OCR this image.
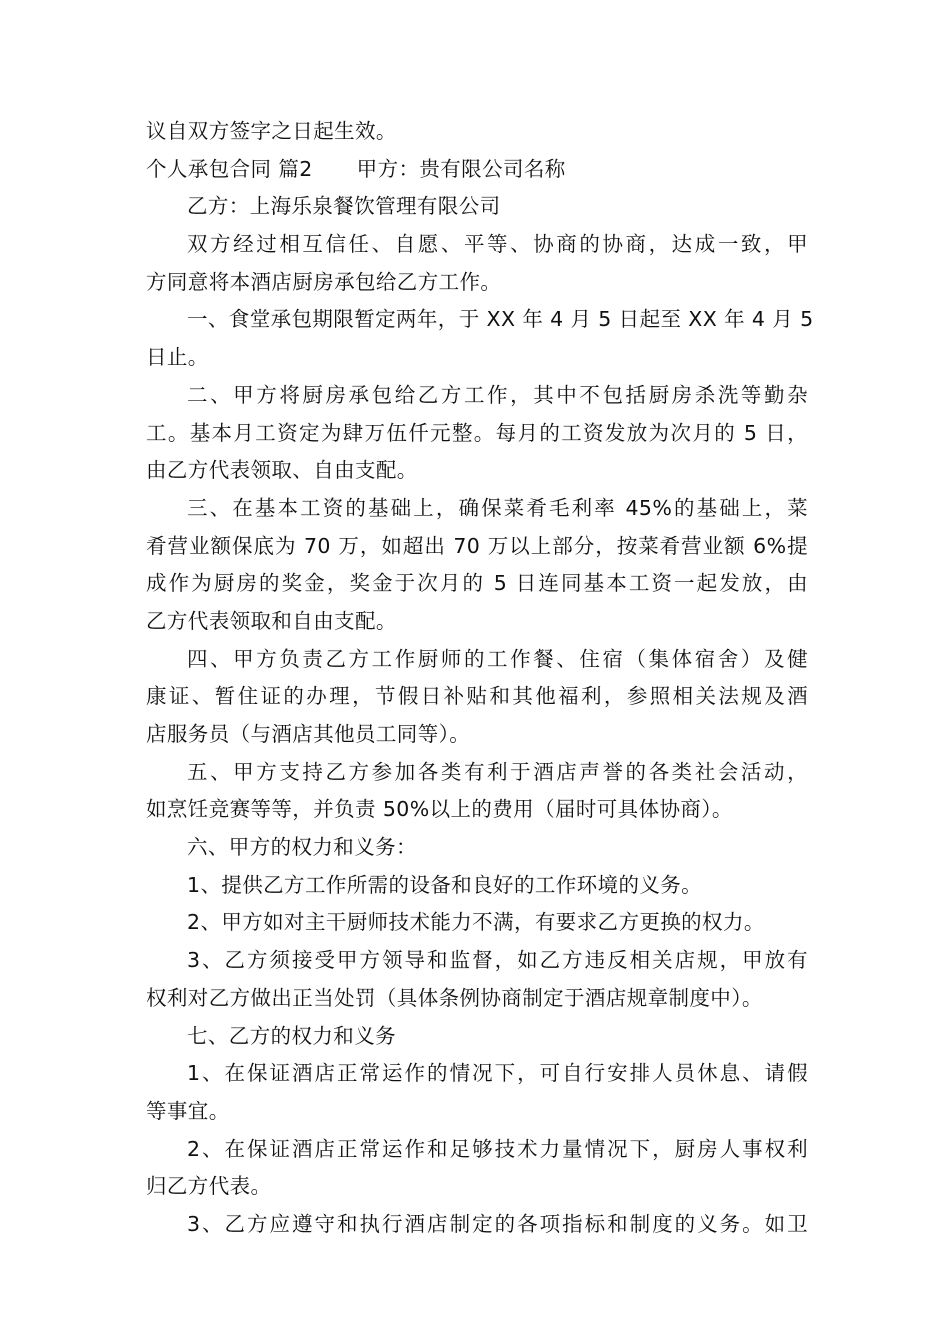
议自双方签字之日起生效。
个人承包合同 篇2 甲方：贵有限公司名称
乙方：上海乐泉餐饮管理有限公司
双方经过相互信任、自愿、平等、协商的协商，达成一致，甲
方同意将本酒店厨房承包给乙方工作。
一、食堂承包期限暂定两年，于 XX 年 4 月 5 日起至 XX 年 4 月 5
日止。
二、甲方将厨房承包给乙方工作，其中不包括厨房杀洗等勤杂
工。基本月工资定为肆万伍仟元整。每月的工资发放为次月的 5 日，
由乙方代表领取、自由支配。
三、在基本工资的基础上，确保菜肴毛利率 45%的基础上，菜
肴营业额保底为 70 万，如超出 70 万以上部分，按菜肴营业额 6%提
成作为厨房的奖金，奖金于次月的 5 日连同基本工资一起发放，由
乙方代表领取和自由支配。
四、甲方负责乙方工作厨师的工作餐、住宿（集体宿舍）及健
康证、暂住证的办理，节假日补贴和其他福利，参照相关法规及酒
店服务员（与酒店其他员工同等）。
五、甲方支持乙方参加各类有利于酒店声誉的各类社会活动，
如烹饪竞赛等等，并负责 50%以上的费用（届时可具体协商）。
六、甲方的权力和义务：
1、提供乙方工作所需的设备和良好的工作环境的义务。
2、甲方如对主干厨师技术能力不满，有要求乙方更换的权力。
3、乙方须接受甲方领导和监督，如乙方违反相关店规，甲放有
权利对乙方做出正当处罚（具体条例协商制定于酒店规章制度中）。
七、乙方的权力和义务
1、在保证酒店正常运作的情况下，可自行安排人员休息、请假
等事宜。
2、在保证酒店正常运作和足够技术力量情况下，厨房人事权利
归乙方代表。
3、乙方应遵守和执行酒店制定的各项指标和制度的义务。如卫
